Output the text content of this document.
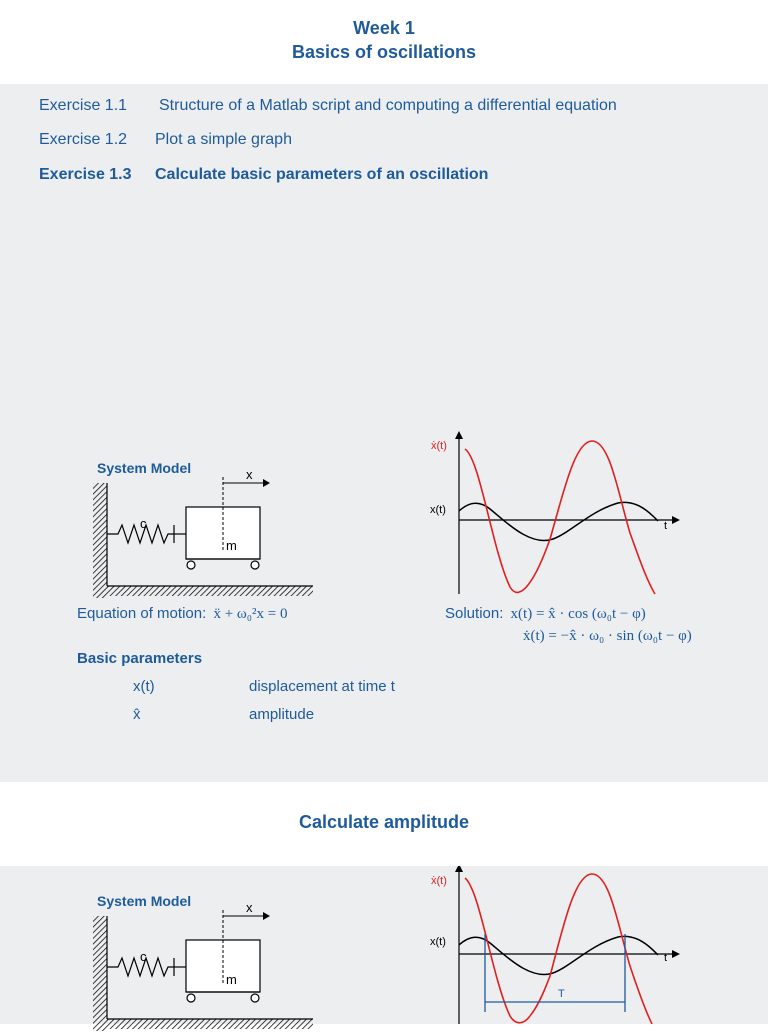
Week 1
Basics of oscillations
Exercise 1.1 Structure of a Matlab script and computing a differential equation
Exercise 1.2 Plot a simple graph
Exercise 1.3 Calculate basic parameters of an oscillation
System Model	x
c
m
ẋ(t)
x(t)
t
Equation of motion: ẍ + ω₀²x = 0	Solution: x(t) = x̂ · cos (ω₀t − φ)
ẋ(t) = −x̂ · ω₀ · sin (ω₀t − φ)
Basic parameters
x(t)	displacement at time t
x̂	amplitude
Calculate amplitude
System Model	x
c
m
ẋ(t)
x(t)
t
T
